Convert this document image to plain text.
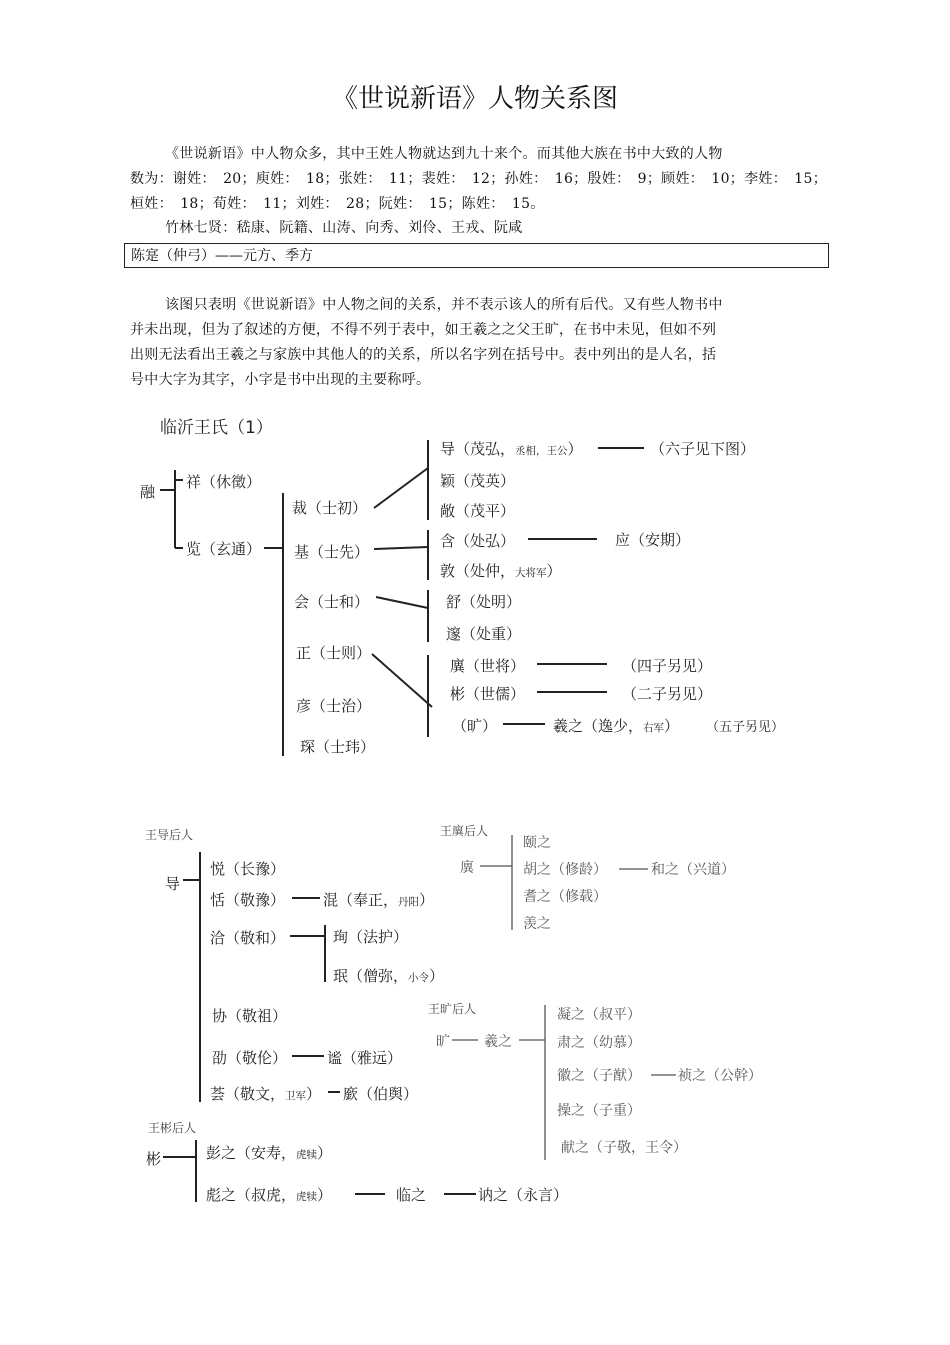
《世说新语》人物关系图
《世说新语》中人物众多，其中王姓人物就达到九十来个。而其他大族在书中大致的人物
数为：谢姓：　20；庾姓：　18；张姓：　11；裴姓：　12；孙姓：　16；殷姓：　9；顾姓：　10；李姓：　15；
桓姓：　18；荀姓：　11；刘姓：　28；阮姓：　15；陈姓：　15。
竹林七贤：嵇康、阮籍、山涛、向秀、刘伶、王戎、阮咸
陈寔（仲弓）——元方、季方
该图只表明《世说新语》中人物之间的关系，并不表示该人的所有后代。又有些人物书中
并未出现，但为了叙述的方便，不得不列于表中，如王羲之之父王旷，在书中未见，但如不列
出则无法看出王羲之与家族中其他人的的关系，所以名字列在括号中。表中列出的是人名，括
号中大字为其字，小字是书中出现的主要称呼。
临沂王氏（1）
融
祥（休徵）
览（玄通）
裁（士初）
基（士先）
会（士和）
正（士则）
彦（士治）
琛（士玮）
导（茂弘，丞相，王公）	（六子见下图）
颖（茂英）
敞（茂平）
含（处弘）	应（安期）
敦（处仲，大将军）
舒（处明）
邃（处重）
廙（世将）	（四子另见）
彬（世儒）	（二子另见）
（旷）	羲之（逸少，右军） （五子另见）
王导后人
导
悦（长豫）
恬（敬豫）	混（奉正，丹阳）
洽（敬和）	珣（法护）
珉（僧弥，小令）
协（敬祖）
劭（敬伦）	谧（雅远）
荟（敬文，卫军） 廞（伯舆）
王廙后人
廙
颐之
胡之（修龄）	和之（兴道）
耆之（修载）
羡之
王旷后人
旷 羲之
凝之（叔平）
肃之（幼慕）
徽之（子猷）	祯之（公幹）
操之（子重）
献之（子敬，王令）
王彬后人
彬	彭之（安寿，虎犊）
彪之（叔虎，虎犊）	临之	讷之（永言）
